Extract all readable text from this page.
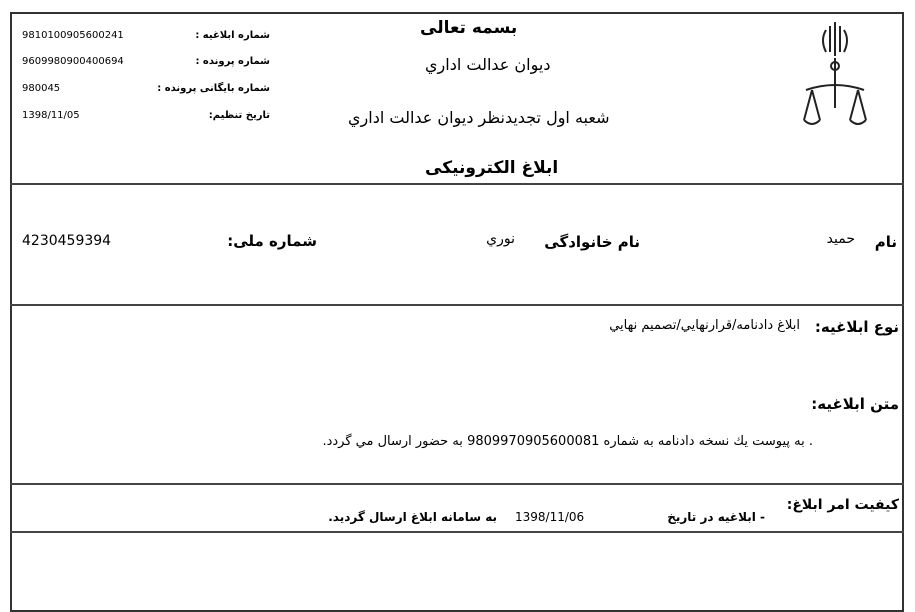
بسمه تعالی
ديوان عدالت اداري
شعبه اول تجديدنظر ديوان عدالت اداري
ابلاغ الکترونیکی
شماره ابلاغیه :
9810100905600241
شماره پرونده :
9609980900400694
شماره بایگانی پرونده :
980045
تاریخ تنظیم:
1398/11/05
نام
حميد
نام خانوادگی
نوري
شماره ملی:
4230459394
نوع ابلاغیه:
ابلاغ دادنامه/قرارنهايي/تصميم نهايي
متن ابلاغیه:
. به پيوست يك نسخه دادنامه به شماره 9809970905600081 به حضور ارسال مي گردد.
کیفیت امر ابلاغ:
- ابلاغیه در تاریخ
1398/11/06
به سامانه ابلاغ ارسال گردید.
